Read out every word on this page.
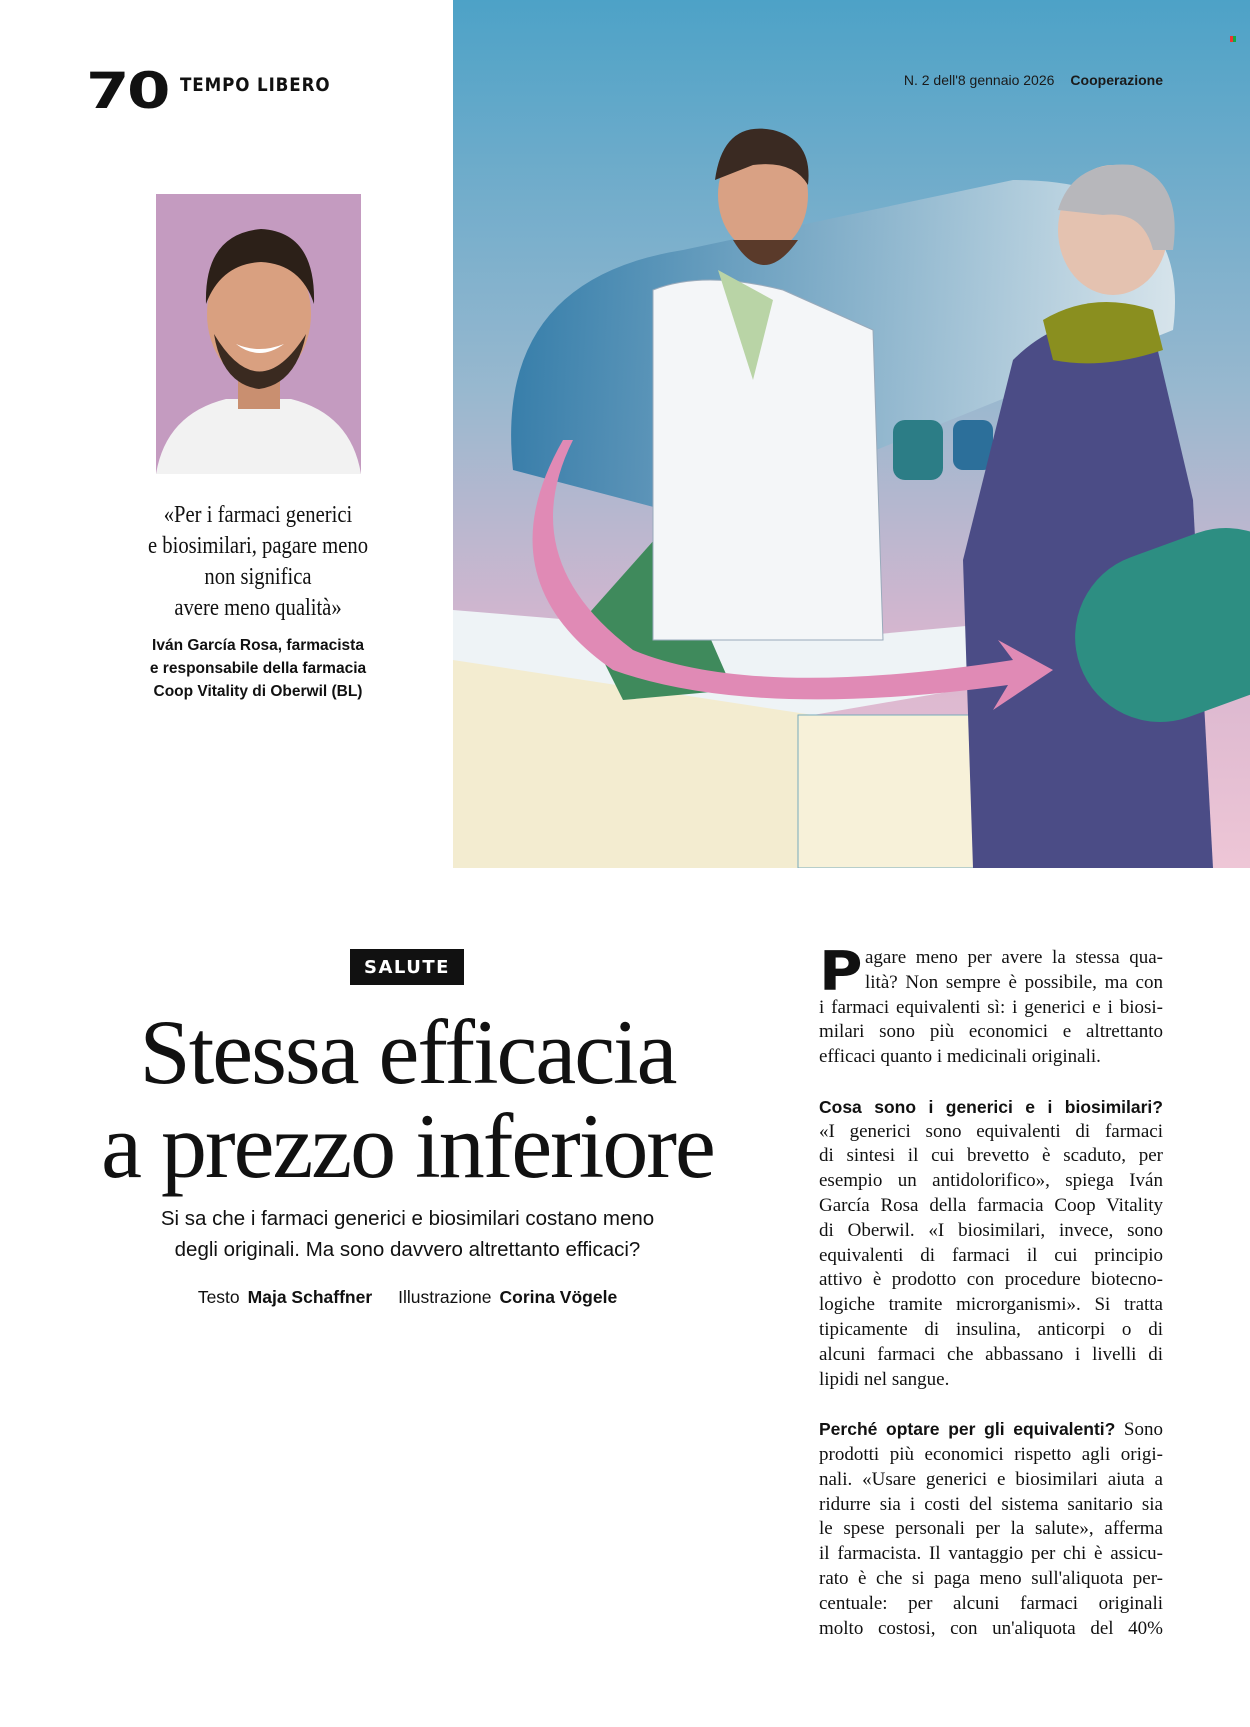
70 TEMPO LIBERO	N. 2 dell'8 gennaio 2026 Cooperazione
«Per i farmaci generici
e biosimilari, pagare meno
non significa
avere meno qualità»
Iván García Rosa, farmacista
e responsabile della farmacia
Coop Vitality di Oberwil (BL)
SALUTE
Stessa efficacia
a prezzo inferiore
Si sa che i farmaci generici e biosimilari costano meno
degli originali. Ma sono davvero altrettanto efficaci?
Testo Maja Schaffner Illustrazione Corina Vögele
P agare meno per avere la stessa qua-
lità? Non sempre è possibile, ma con
i farmaci equivalenti sì: i generici e i biosi-
milari sono più economici e altrettanto
efficaci quanto i medicinali originali.
Cosa sono i generici e i biosimilari?
«I generici sono equivalenti di farmaci
di sintesi il cui brevetto è scaduto, per
esempio un antidolorifico», spiega Iván
García Rosa della farmacia Coop Vitality
di Oberwil. «I biosimilari, invece, sono
equivalenti di farmaci il cui principio
attivo è prodotto con procedure biotecno-
logiche tramite microrganismi». Si tratta
tipicamente di insulina, anticorpi o di
alcuni farmaci che abbassano i livelli di
lipidi nel sangue.
Perché optare per gli equivalenti? Sono
prodotti più economici rispetto agli origi-
nali. «Usare generici e biosimilari aiuta a
ridurre sia i costi del sistema sanitario sia
le spese personali per la salute», afferma
il farmacista. Il vantaggio per chi è assicu-
rato è che si paga meno sull'aliquota per-
centuale: per alcuni farmaci originali
molto costosi, con un'aliquota del 40%
